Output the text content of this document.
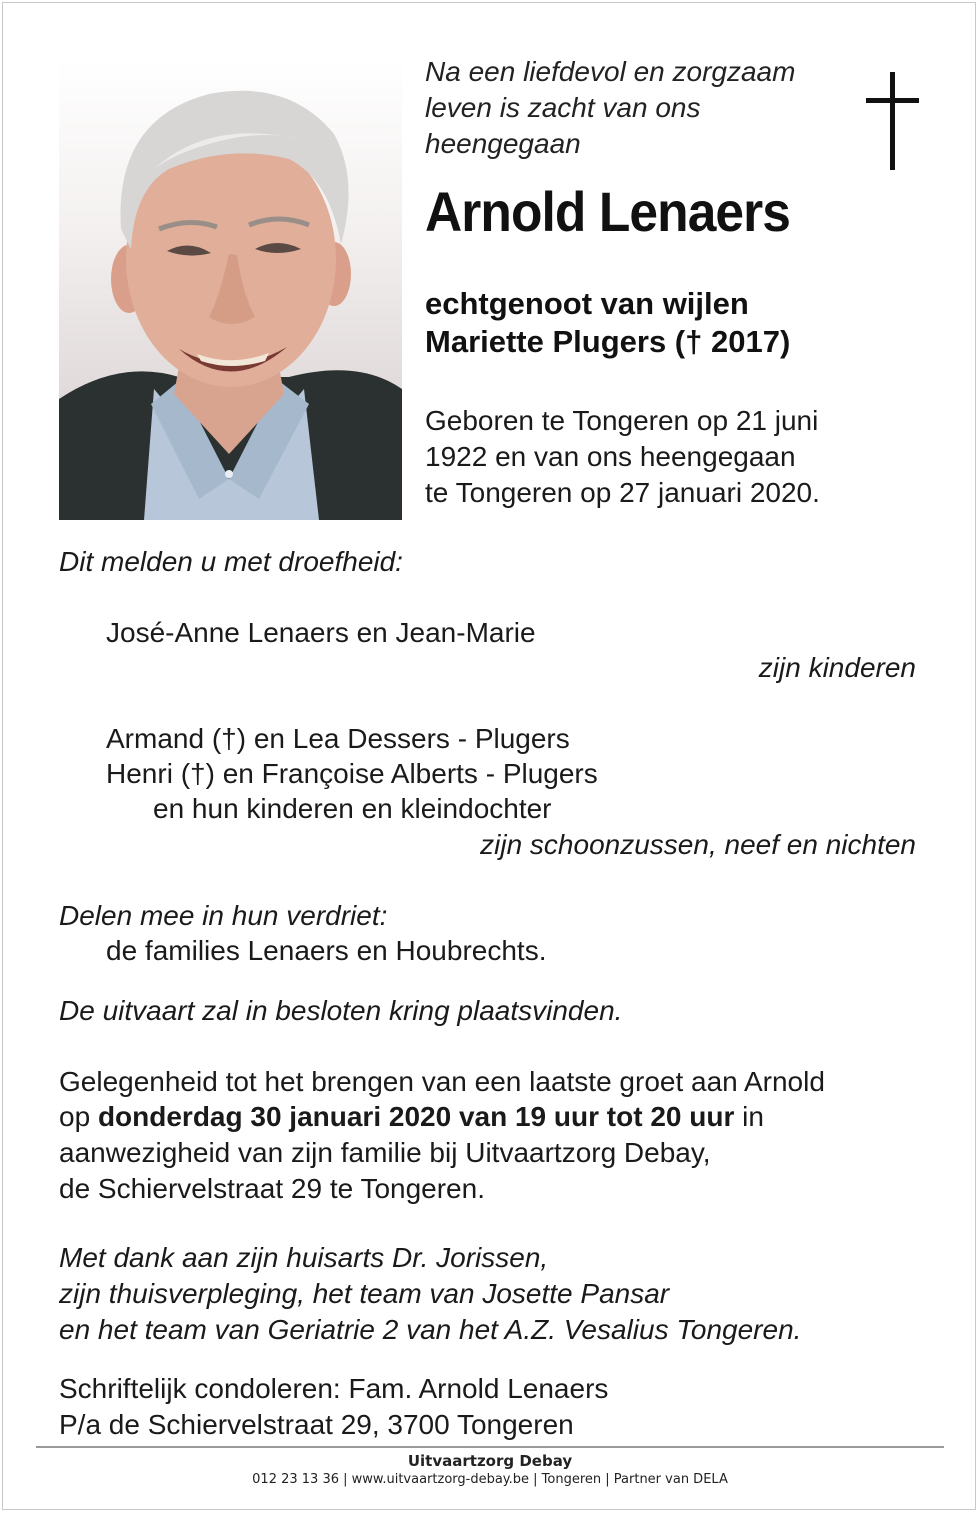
Na een liefdevol en zorgzaam
leven is zacht van ons
heengegaan
Arnold Lenaers
echtgenoot van wijlen
Mariette Plugers († 2017)
Geboren te Tongeren op 21 juni
1922 en van ons heengegaan
te Tongeren op 27 januari 2020.
Dit melden u met droefheid:
José-Anne Lenaers en Jean-Marie
zijn kinderen
Armand (†) en Lea Dessers - Plugers
Henri (†) en Françoise Alberts - Plugers
en hun kinderen en kleindochter
zijn schoonzussen, neef en nichten
Delen mee in hun verdriet:
de families Lenaers en Houbrechts.
De uitvaart zal in besloten kring plaatsvinden.
Gelegenheid tot het brengen van een laatste groet aan Arnold
op donderdag 30 januari 2020 van 19 uur tot 20 uur in
aanwezigheid van zijn familie bij Uitvaartzorg Debay,
de Schiervelstraat 29 te Tongeren.
Met dank aan zijn huisarts Dr. Jorissen,
zijn thuisverpleging, het team van Josette Pansar
en het team van Geriatrie 2 van het A.Z. Vesalius Tongeren.
Schriftelijk condoleren: Fam. Arnold Lenaers
P/a de Schiervelstraat 29, 3700 Tongeren
Uitvaartzorg Debay
012 23 13 36 | www.uitvaartzorg-debay.be | Tongeren | Partner van DELA
